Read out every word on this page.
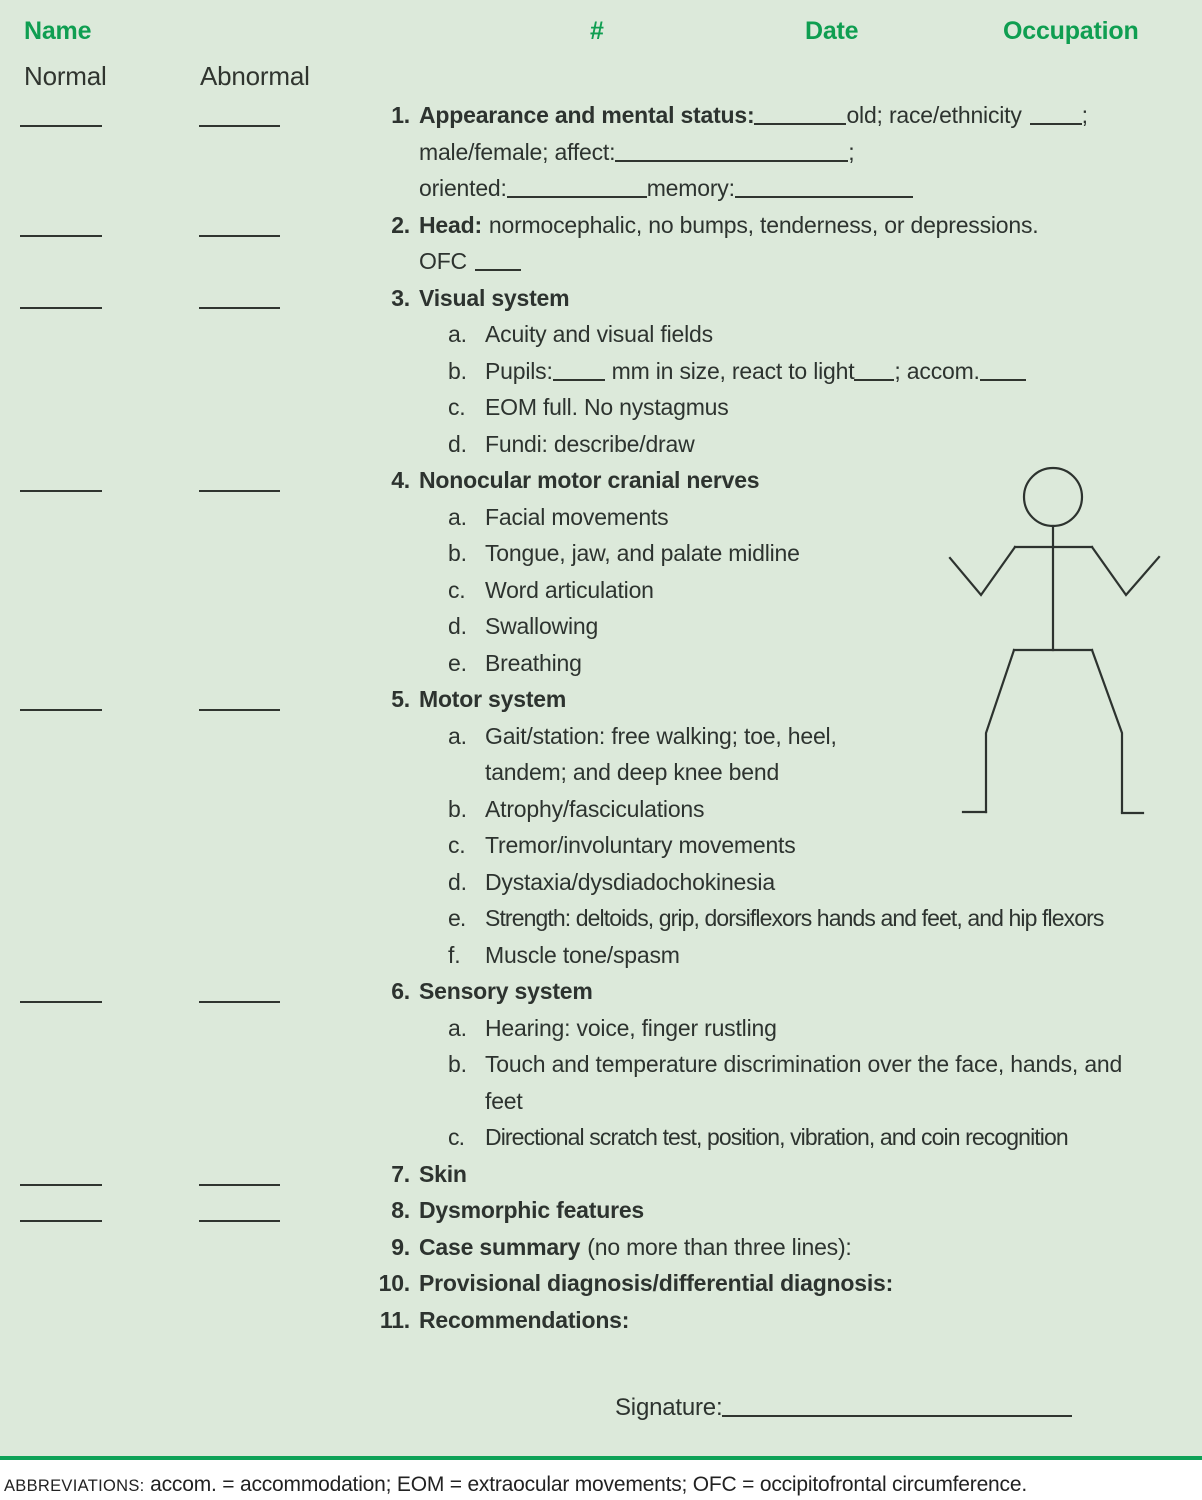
Name	#	Date	Occupation
Normal	Abnormal
1. Appearance and mental status:	old; race/ethnicity	;
male/female; affect:	;
oriented:	memory:
2. Head: normocephalic, no bumps, tenderness, or depressions.
OFC
3. Visual system
a. Acuity and visual fields
b. Pupils:	mm in size, react to light ; accom.
c. EOM full. No nystagmus
d. Fundi: describe/draw
4. Nonocular motor cranial nerves
a. Facial movements
b. Tongue, jaw, and palate midline
c. Word articulation
d. Swallowing
e. Breathing
5. Motor system
a. Gait/station: free walking; toe, heel,
tandem; and deep knee bend
b. Atrophy/fasciculations
c. Tremor/involuntary movements
d. Dystaxia/dysdiadochokinesia
e. Strength: deltoids, grip, dorsiflexors hands and feet, and hip flexors
f. Muscle tone/spasm
6. Sensory system
a. Hearing: voice, finger rustling
b. Touch and temperature discrimination over the face, hands, and
feet
c. Directional scratch test, position, vibration, and coin recognition
7. Skin
8. Dysmorphic features
9. Case summary (no more than three lines):
10. Provisional diagnosis/differential diagnosis:
11. Recommendations:
Signature:
ABBREVIATIONS: accom. = accommodation; EOM = extraocular movements; OFC = occipitofrontal circumference.
